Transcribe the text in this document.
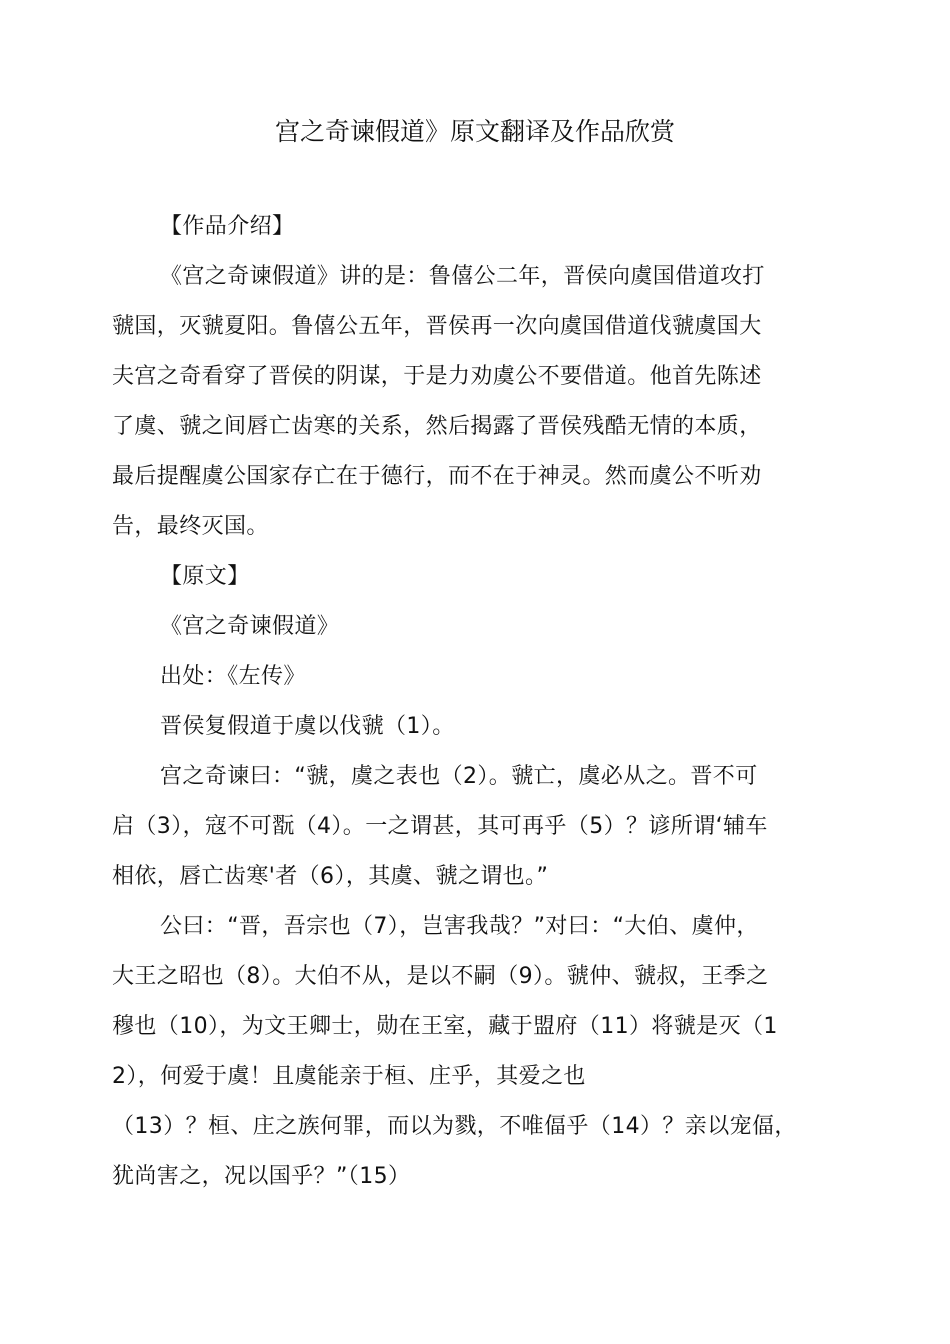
宫之奇谏假道》原文翻译及作品欣赏
【作品介绍】
《宫之奇谏假道》讲的是：鲁僖公二年，晋侯向虞国借道攻打
虢国，灭虢夏阳。鲁僖公五年，晋侯再一次向虞国借道伐虢虞国大
夫宫之奇看穿了晋侯的阴谋，于是力劝虞公不要借道。他首先陈述
了虞、虢之间唇亡齿寒的关系，然后揭露了晋侯残酷无情的本质，
最后提醒虞公国家存亡在于德行，而不在于神灵。然而虞公不听劝
告，最终灭国。
【原文】
《宫之奇谏假道》
出处：《左传》
晋侯复假道于虞以伐虢（1）。
宫之奇谏曰：“虢，虞之表也（2）。虢亡，虞必从之。晋不可
启（3），寇不可翫（4）。一之谓甚，其可再乎（5）？谚所谓‘辅车
相依，唇亡齿寒'者（6），其虞、虢之谓也。”
公曰：“晋，吾宗也（7），岂害我哉？”对曰：“大伯、虞仲，
大王之昭也（8）。大伯不从，是以不嗣（9）。虢仲、虢叔，王季之
穆也（10），为文王卿士，勋在王室，藏于盟府（11）将虢是灭（1
2），何爱于虞！且虞能亲于桓、庄乎，其爱之也
（13）？桓、庄之族何罪，而以为戮，不唯偪乎（14）？亲以宠偪，
犹尚害之，况以国乎？”（15）
